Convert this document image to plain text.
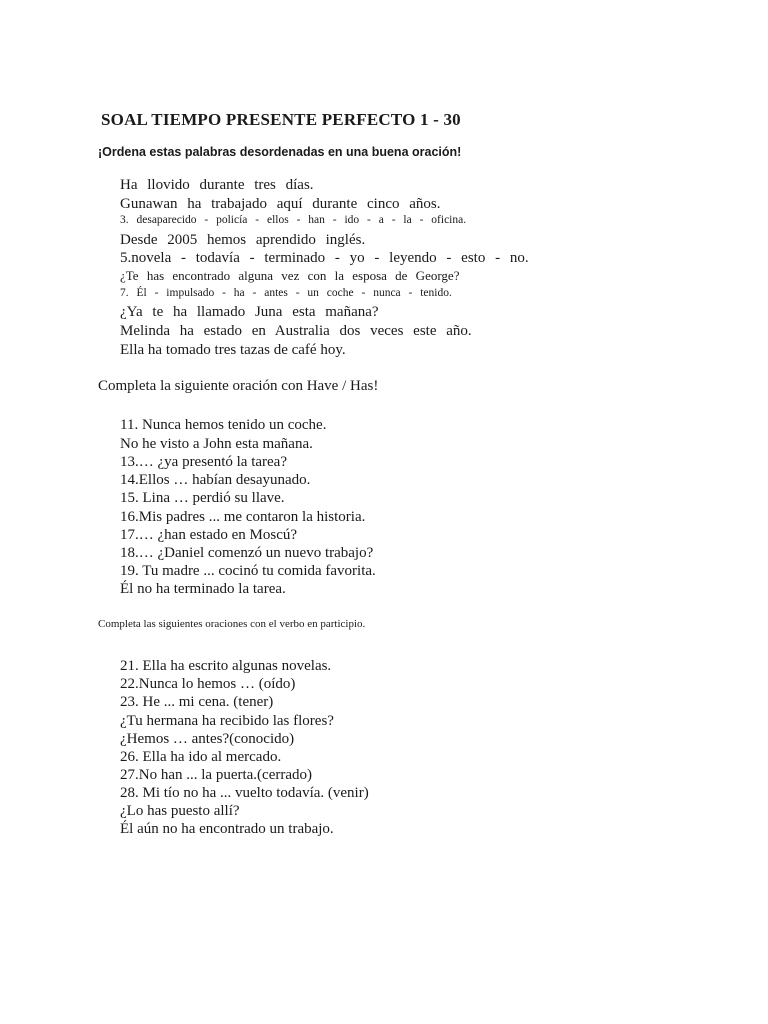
SOAL TIEMPO PRESENTE PERFECTO 1 - 30
¡Ordena estas palabras desordenadas en una buena oración!
Ha llovido durante tres días.
Gunawan ha trabajado aquí durante cinco años.
3. desaparecido - policía - ellos - han - ido - a - la - oficina.
Desde 2005 hemos aprendido inglés.
5.novela - todavía - terminado - yo - leyendo - esto - no.
¿Te has encontrado alguna vez con la esposa de George?
7. Él - impulsado - ha - antes - un coche - nunca - tenido.
¿Ya te ha llamado Juna esta mañana?
Melinda ha estado en Australia dos veces este año.
Ella ha tomado tres tazas de café hoy.
Completa la siguiente oración con Have / Has!
11. Nunca hemos tenido un coche.
No he visto a John esta mañana.
13.… ¿ya presentó la tarea?
14.Ellos … habían desayunado.
15. Lina … perdió su llave.
16.Mis padres ... me contaron la historia.
17.… ¿han estado en Moscú?
18.… ¿Daniel comenzó un nuevo trabajo?
19. Tu madre ... cocinó tu comida favorita.
Él no ha terminado la tarea.
Completa las siguientes oraciones con el verbo en participio.
21. Ella ha escrito algunas novelas.
22.Nunca lo hemos … (oído)
23. He ... mi cena. (tener)
¿Tu hermana ha recibido las flores?
¿Hemos … antes?(conocido)
26. Ella ha ido al mercado.
27.No han ... la puerta.(cerrado)
28. Mi tío no ha ... vuelto todavía. (venir)
¿Lo has puesto allí?
Él aún no ha encontrado un trabajo.
